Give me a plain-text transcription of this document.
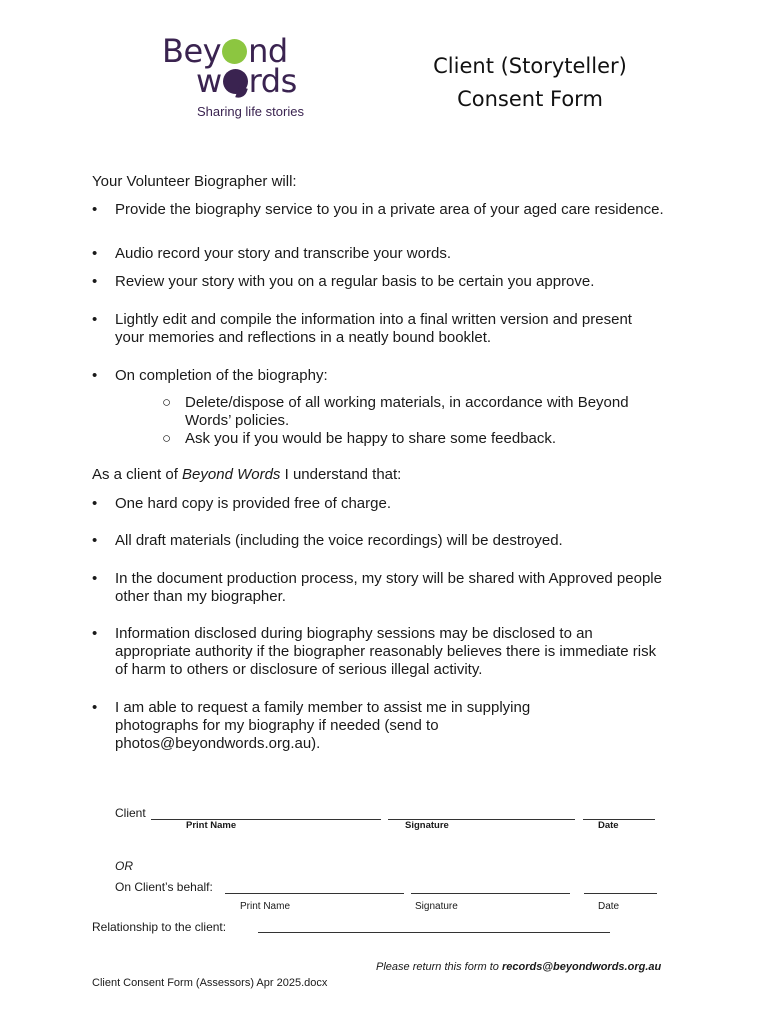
Bey nd
w rds
Sharing life stories
Client (Storyteller)
Consent Form
Your Volunteer Biographer will:
• Provide the biography service to you in a private area of your aged care residence.
• Audio record your story and transcribe your words.
• Review your story with you on a regular basis to be certain you approve.
• Lightly edit and compile the information into a final written version and present your memories and reflections in a neatly bound booklet.
• On completion of the biography:
○ Delete/dispose of all working materials, in accordance with Beyond Words’ policies.
○ Ask you if you would be happy to share some feedback.
As a client of Beyond Words I understand that:
• One hard copy is provided free of charge.
• All draft materials (including the voice recordings) will be destroyed.
• In the document production process, my story will be shared with Approved people other than my biographer.
• Information disclosed during biography sessions may be disclosed to an appropriate authority if the biographer reasonably believes there is immediate risk of harm to others or disclosure of serious illegal activity.
• I am able to request a family member to assist me in supplying photographs for my biography if needed (send to photos@beyondwords.org.au).
Client
Print Name	Signature	Date
OR
On Client’s behalf:
Print Name	Signature	Date
Relationship to the client:
Please return this form to records@beyondwords.org.au
Client Consent Form (Assessors) Apr 2025.docx
